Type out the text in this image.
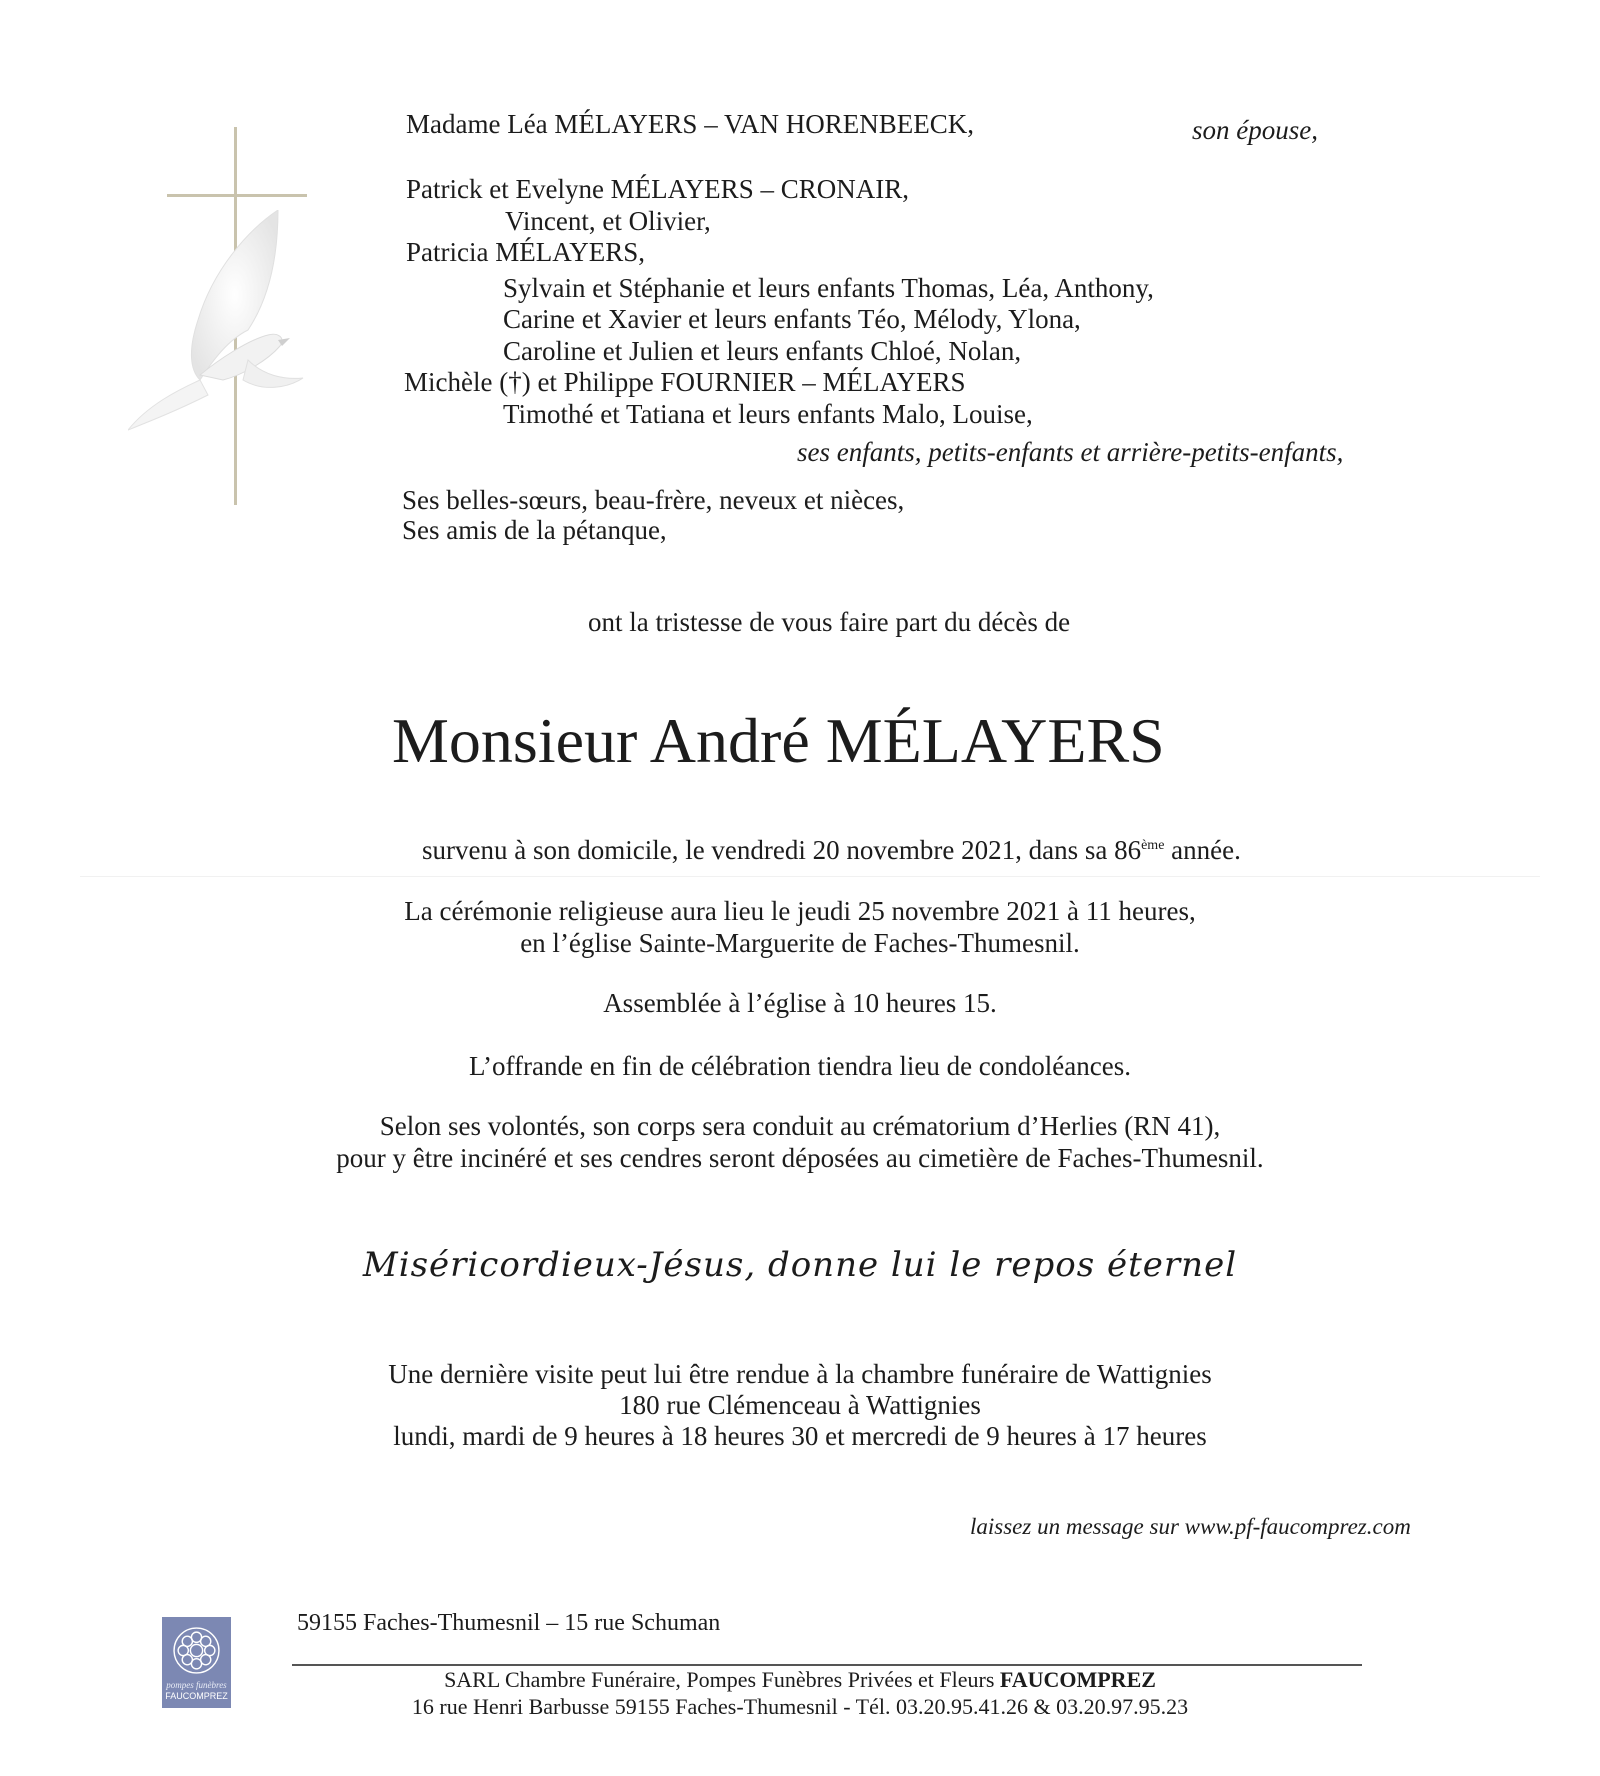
Madame Léa MÉLAYERS – VAN HORENBEECK,	son épouse,
Patrick et Evelyne MÉLAYERS – CRONAIR,
Vincent, et Olivier,
Patricia MÉLAYERS,
Sylvain et Stéphanie et leurs enfants Thomas, Léa, Anthony,
Carine et Xavier et leurs enfants Téo, Mélody, Ylona,
Caroline et Julien et leurs enfants Chloé, Nolan,
Michèle (†) et Philippe FOURNIER – MÉLAYERS
Timothé et Tatiana et leurs enfants Malo, Louise,
ses enfants, petits-enfants et arrière-petits-enfants,
Ses belles-sœurs, beau-frère, neveux et nièces,
Ses amis de la pétanque,
ont la tristesse de vous faire part du décès de
Monsieur André MÉLAYERS
survenu à son domicile, le vendredi 20 novembre 2021, dans sa 86ème année.
La cérémonie religieuse aura lieu le jeudi 25 novembre 2021 à 11 heures,
en l’église Sainte-Marguerite de Faches-Thumesnil.
Assemblée à l’église à 10 heures 15.
L’offrande en fin de célébration tiendra lieu de condoléances.
Selon ses volontés, son corps sera conduit au crématorium d’Herlies (RN 41),
pour y être incinéré et ses cendres seront déposées au cimetière de Faches-Thumesnil.
Miséricordieux-Jésus, donne lui le repos éternel
Une dernière visite peut lui être rendue à la chambre funéraire de Wattignies
180 rue Clémenceau à Wattignies
lundi, mardi de 9 heures à 18 heures 30 et mercredi de 9 heures à 17 heures
laissez un message sur www.pf-faucomprez.com
pompes funèbres
FAUCOMPREZ
59155 Faches-Thumesnil – 15 rue Schuman
SARL Chambre Funéraire, Pompes Funèbres Privées et Fleurs FAUCOMPREZ
16 rue Henri Barbusse 59155 Faches-Thumesnil - Tél. 03.20.95.41.26 & 03.20.97.95.23
